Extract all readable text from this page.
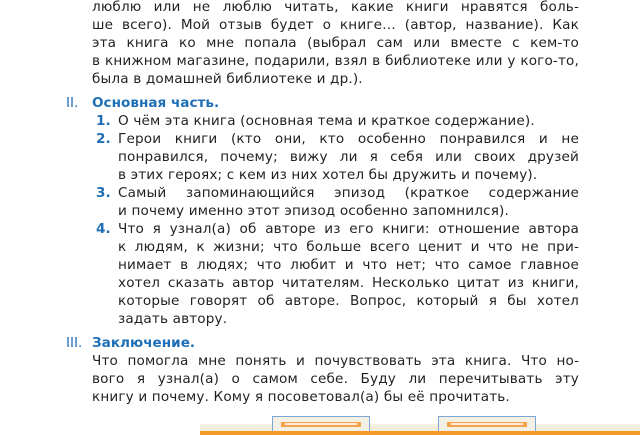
люблю или не люблю читать, какие книги нравятся боль-
ше всего). Мой отзыв будет о книге… (автор, название). Как
эта книга ко мне попала (выбрал сам или вместе с кем-то
в книжном магазине, подарили, взял в библиотеке или у кого-то,
была в домашней библиотеке и др.).
II. Основная часть.
1. О чём эта книга (основная тема и краткое содержание).
2. Герои книги (кто они, кто особенно понравился и не
понравился, почему; вижу ли я себя или своих друзей
в этих героях; с кем из них хотел бы дружить и почему).
3. Самый запоминающийся эпизод (краткое содержание
и почему именно этот эпизод особенно запомнился).
4. Что я узнал(а) об авторе из его книги: отношение автора
к людям, к жизни; что больше всего ценит и что не при-
нимает в людях; что любит и что нет; что самое главное
хотел сказать автор читателям. Несколько цитат из книги,
которые говорят об авторе. Вопрос, который я бы хотел
задать автору.
III. Заключение.
Что помогла мне понять и почувствовать эта книга. Что но-
вого я узнал(а) о самом себе. Буду ли перечитывать эту
книгу и почему. Кому я посоветовал(а) бы её прочитать.
